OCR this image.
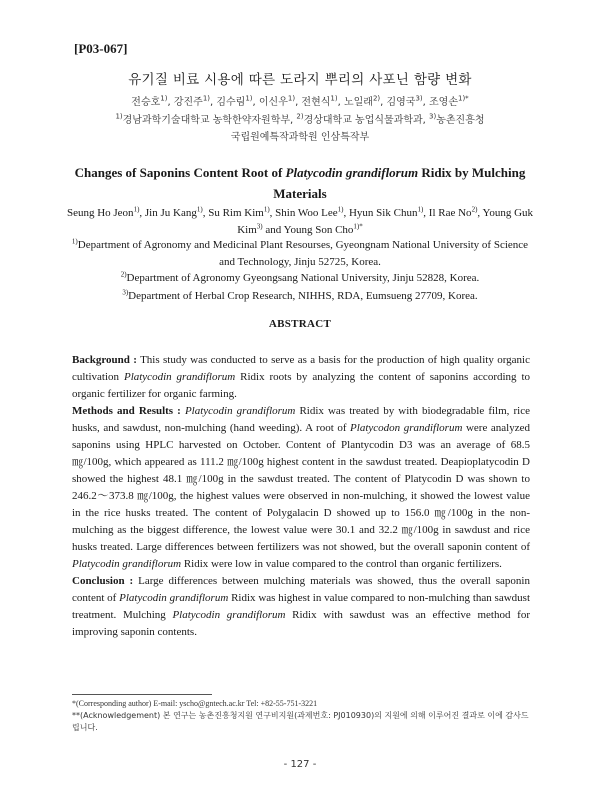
[P03-067]
유기질 비료 시용에 따른 도라지 뿌리의 사포닌 함량 변화
전승호$^{1)}$, 강진주$^{1)}$, 김수림$^{1)}$, 이신우$^{1)}$, 전현식$^{1)}$, 노일래$^{2)}$, 김영국$^{3)}$, 조영손$^{1)*}$
$^{1)}$경남과학기술대학교 농학한약자원학부, $^{2)}$경상대학교 농업식물과학과, $^{3)}$농촌진흥청
국립원예특작과학원 인삼특작부
Changes of Saponins Content Root of Platycodin grandiflorum Ridix by Mulching Materials
Seung Ho Jeon$^{1)}$, Jin Ju Kang$^{1)}$, Su Rim Kim$^{1)}$, Shin Woo Lee$^{1)}$, Hyun Sik Chun$^{1)}$, Il Rae No$^{2)}$, Young Guk Kim$^{3)}$ and Young Son Cho$^{1)*}$
$^{1)}$Department of Agronomy and Medicinal Plant Resourses, Gyeongnam National University of Science and Technology, Jinju 52725, Korea.
$^{2)}$Department of Agronomy Gyeongsang National University, Jinju 52828, Korea.
$^{3)}$Department of Herbal Crop Research, NIHHS, RDA, Eumsueng 27709, Korea.
ABSTRACT

Background : This study was conducted to serve as a basis for the production of high quality organic cultivation Platycodin grandiflorum Ridix roots by analyzing the content of saponins according to organic fertilizer for organic farming.

Methods and Results : Platycodin grandiflorum Ridix was treated by with biodegradable film, rice husks, and sawdust, non-mulching (hand weeding). A root of Platycodon grandiflorum were analyzed saponins using HPLC harvested on October. Content of Plantycodin D3 was an average of 68.5 ㎎/100g, which appeared as 111.2 ㎎/100g highest content in the sawdust treated. Deapioplatycodin D showed the highest 48.1 ㎎/100g in the sawdust treated. The content of Platycodin D was shown to 246.2～373.8 ㎎/100g, the highest values were observed in non-mulching, it showed the lowest value in the rice husks treated. The content of Polygalacin D showed up to 156.0 ㎎/100g in the non-mulching as the biggest difference, the lowest value were 30.1 and 32.2 ㎎/100g in sawdust and rice husks treated. Large differences between fertilizers was not showed, but the overall saponin content of Platycodin grandiflorum Ridix were low in value compared to the control than organic fertilizers.

Conclusion : Large differences between mulching materials was showed, thus the overall saponin content of Platycodin grandiflorum Ridix was highest in value compared to non-mulching than sawdust treatment. Mulching Platycodin grandiflorum Ridix with sawdust was an effective method for improving saponin contents.

*(Corresponding author) E-mail: yscho@gntech.ac.kr Tel: +82-55-751-3221
**(Acknowledgement) 본 연구는 농촌진흥청지원 연구비지원(과제번호: PJ010930)의 지원에 의해 이루어진 결과로 이에 감사드립니다.
- 127 -
